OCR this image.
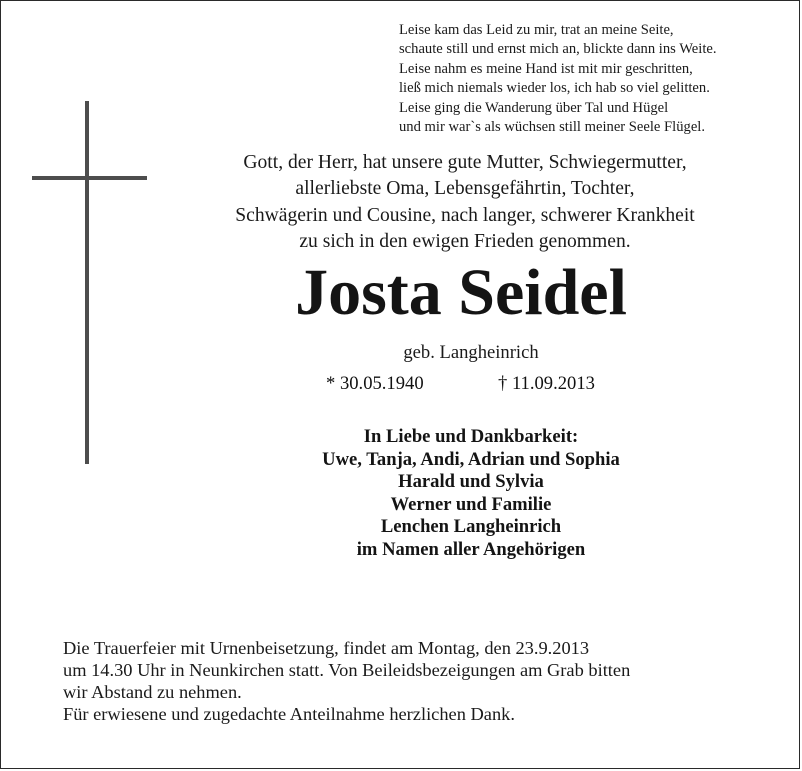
Leise kam das Leid zu mir, trat an meine Seite,
schaute still und ernst mich an, blickte dann ins Weite.
Leise nahm es meine Hand ist mit mir geschritten,
ließ mich niemals wieder los, ich hab so viel gelitten.
Leise ging die Wanderung über Tal und Hügel
und mir war`s als wüchsen still meiner Seele Flügel.
Gott, der Herr, hat unsere gute Mutter, Schwiegermutter,
allerliebste Oma, Lebensgefährtin, Tochter,
Schwägerin und Cousine, nach langer, schwerer Krankheit
zu sich in den ewigen Frieden genommen.
Josta Seidel
geb. Langheinrich
* 30.05.1940	† 11.09.2013
In Liebe und Dankbarkeit:
Uwe, Tanja, Andi, Adrian und Sophia
Harald und Sylvia
Werner und Familie
Lenchen Langheinrich
im Namen aller Angehörigen
Die Trauerfeier mit Urnenbeisetzung, findet am Montag, den 23.9.2013
um 14.30 Uhr in Neunkirchen statt. Von Beileidsbezeigungen am Grab bitten
wir Abstand zu nehmen.
Für erwiesene und zugedachte Anteilnahme herzlichen Dank.
